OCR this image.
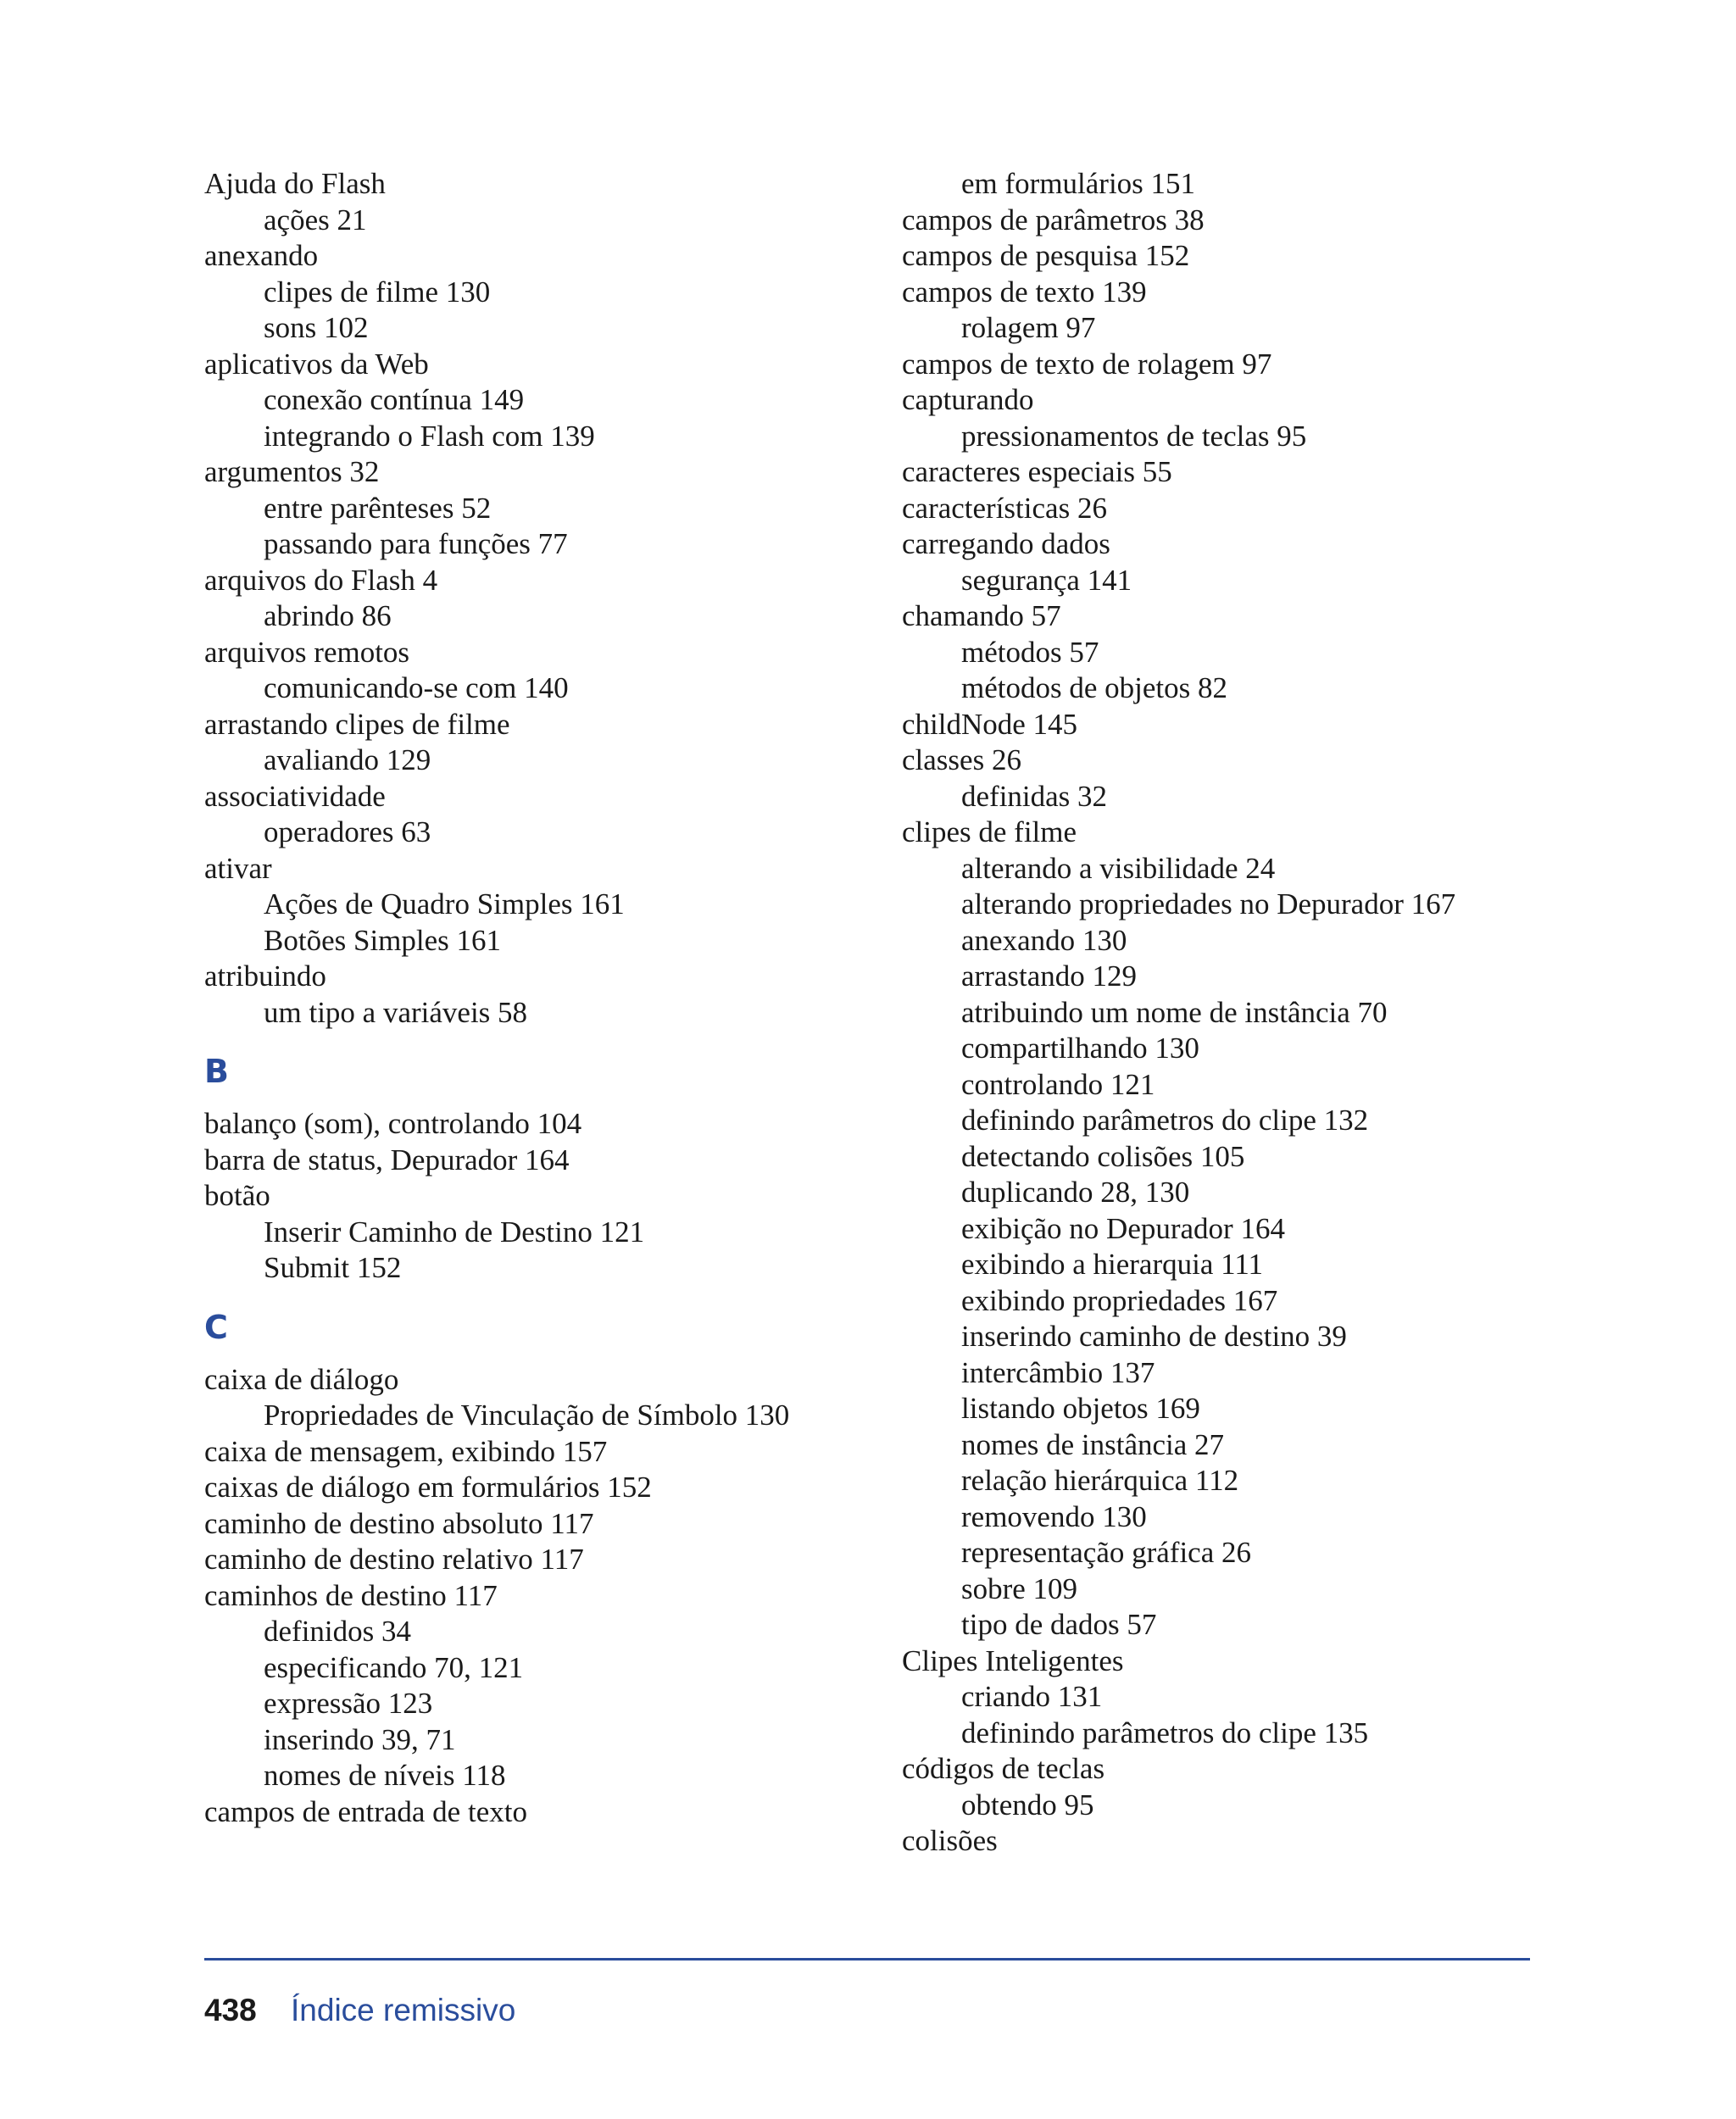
Ajuda do Flash
ações 21
anexando
clipes de filme 130
sons 102
aplicativos da Web
conexão contínua 149
integrando o Flash com 139
argumentos 32
entre parênteses 52
passando para funções 77
arquivos do Flash 4
abrindo 86
arquivos remotos
comunicando-se com 140
arrastando clipes de filme
avaliando 129
associatividade
operadores 63
ativar
Ações de Quadro Simples 161
Botões Simples 161
atribuindo
um tipo a variáveis 58
B
balanço (som), controlando 104
barra de status, Depurador 164
botão
Inserir Caminho de Destino 121
Submit 152
C
caixa de diálogo
Propriedades de Vinculação de Símbolo 130
caixa de mensagem, exibindo 157
caixas de diálogo em formulários 152
caminho de destino absoluto 117
caminho de destino relativo 117
caminhos de destino 117
definidos 34
especificando 70, 121
expressão 123
inserindo 39, 71
nomes de níveis 118
campos de entrada de texto
em formulários 151
campos de parâmetros 38
campos de pesquisa 152
campos de texto 139
rolagem 97
campos de texto de rolagem 97
capturando
pressionamentos de teclas 95
caracteres especiais 55
características 26
carregando dados
segurança 141
chamando 57
métodos 57
métodos de objetos 82
childNode 145
classes 26
definidas 32
clipes de filme
alterando a visibilidade 24
alterando propriedades no Depurador 167
anexando 130
arrastando 129
atribuindo um nome de instância 70
compartilhando 130
controlando 121
definindo parâmetros do clipe 132
detectando colisões 105
duplicando 28, 130
exibição no Depurador 164
exibindo a hierarquia 111
exibindo propriedades 167
inserindo caminho de destino 39
intercâmbio 137
listando objetos 169
nomes de instância 27
relação hierárquica 112
removendo 130
representação gráfica 26
sobre 109
tipo de dados 57
Clipes Inteligentes
criando 131
definindo parâmetros do clipe 135
códigos de teclas
obtendo 95
colisões
438 Índice remissivo
